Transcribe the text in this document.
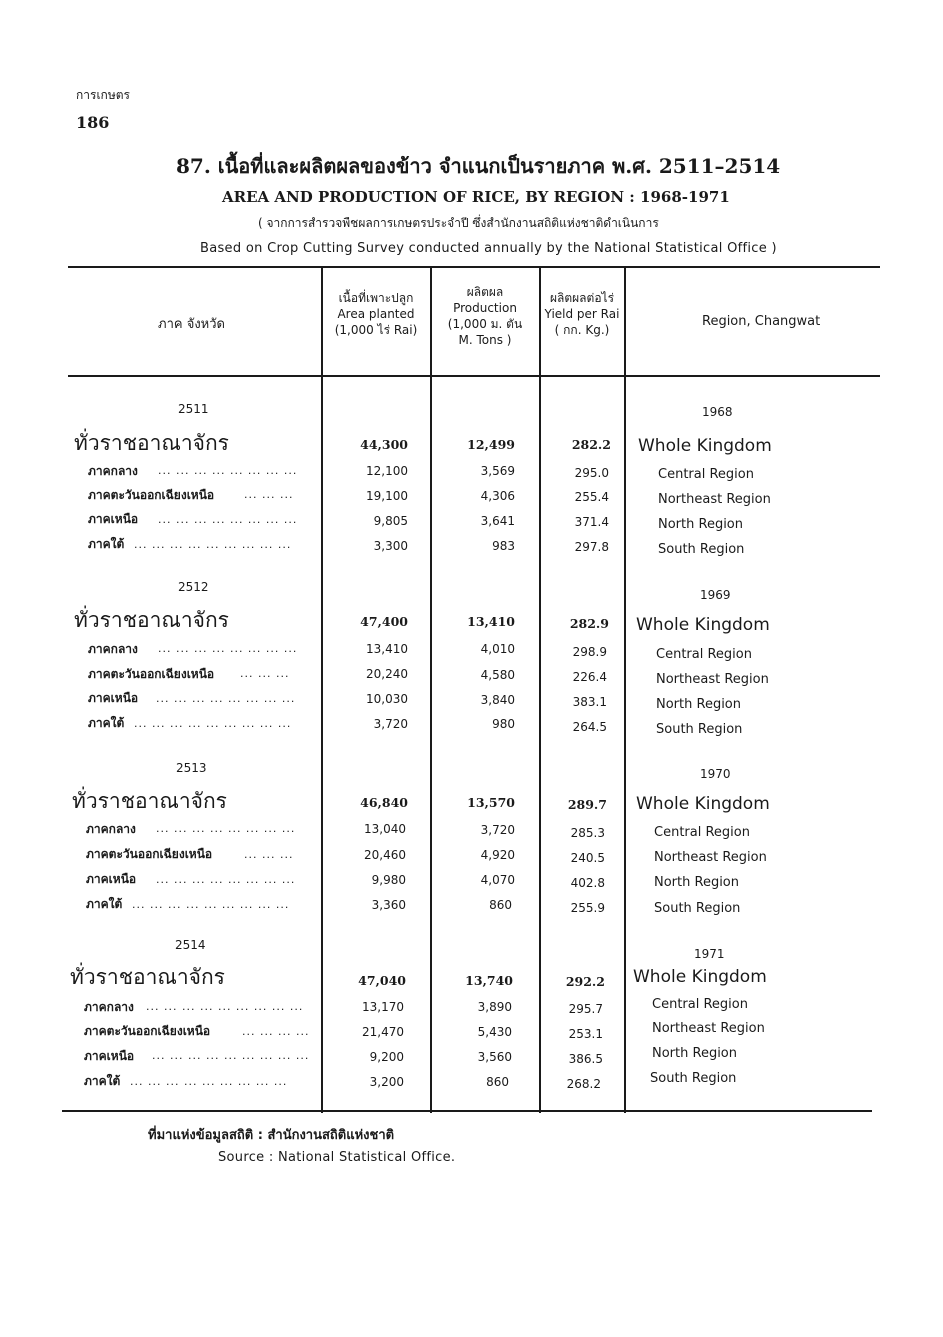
การเกษตร
186
87. เนื้อที่และผลิตผลของข้าว จำแนกเป็นรายภาค พ.ศ. 2511–2514
AREA AND PRODUCTION OF RICE, BY REGION : 1968-1971
( จากการสำรวจพืชผลการเกษตรประจำปี ซึ่งสำนักงานสถิติแห่งชาติดำเนินการ
Based on Crop Cutting Survey conducted annually by the National Statistical Office )
ภาค จังหวัด
เนื้อที่เพาะปลูก
Area planted
(1,000 ไร่ Rai)
ผลิตผล
Production
(1,000 ม. ตัน
M. Tons )
ผลิตผลต่อไร่
Yield per Rai
( กก. Kg.)
Region, Changwat
2511	1968
ทั่วราชอาณาจักร	44,300	12,499	282.2 Whole Kingdom
ภาคกลาง ... ... ... ... ... ... ... ...	12,100	3,569	295.0	Central Region
ภาคตะวันออกเฉียงเหนือ	... ... ...	19,100	4,306	255.4	Northeast Region
ภาคเหนือ ... ... ... ... ... ... ... ...	9,805	3,641	371.4	North Region
ภาคใต้ ... ... ... ... ... ... ... ... ...	3,300	983	297.8	South Region
2512
1969
ทั่วราชอาณาจักร	47,400	13,410	282.9 Whole Kingdom
ภาคกลาง ... ... ... ... ... ... ... ...	13,410	4,010	298.9	Central Region
ภาคตะวันออกเฉียงเหนือ ... ... ...	20,240	4,580	226.4	Northeast Region
ภาคเหนือ ... ... ... ... ... ... ... ...	10,030	3,840	383.1	North Region
ภาคใต้ ... ... ... ... ... ... ... ... ...	3,720	980	264.5	South Region
2513	1970
ทั่วราชอาณาจักร	46,840	13,570	289.7 Whole Kingdom
ภาคกลาง ... ... ... ... ... ... ... ...	13,040	3,720	285.3	Central Region
ภาคตะวันออกเฉียงเหนือ	... ... ...	20,460	4,920	240.5	Northeast Region
ภาคเหนือ ... ... ... ... ... ... ... ...	9,980	4,070	402.8	North Region
ภาคใต้ ... ... ... ... ... ... ... ... ...	3,360	860	255.9	South Region
2514
1971
ทั่วราชอาณาจักร	47,040	13,740	292.2 Whole Kingdom
ภาคกลาง ... ... ... ... ... ... ... ... ...	13,170	3,890	295.7	Central Region
ภาคตะวันออกเฉียงเหนือ	... ... ... ...	21,470	5,430	253.1	Northeast Region
ภาคเหนือ ... ... ... ... ... ... ... ... ...	9,200	3,560	386.5	North Region
ภาคใต้ ... ... ... ... ... ... ... ... ...	3,200	860	268.2	South Region
ที่มาแห่งข้อมูลสถิติ : สำนักงานสถิติแห่งชาติ
Source : National Statistical Office.
